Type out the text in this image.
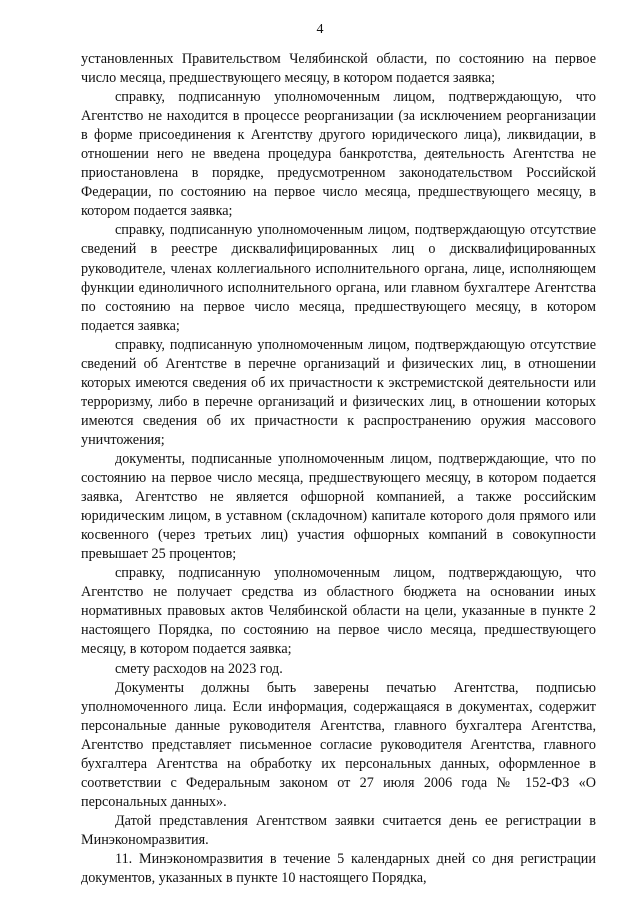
4

установленных Правительством Челябинской области, по состоянию на первое число месяца, предшествующего месяцу, в котором подается заявка;

справку, подписанную уполномоченным лицом, подтверждающую, что Агентство не находится в процессе реорганизации (за исключением реорганизации в форме присоединения к Агентству другого юридического лица), ликвидации, в отношении него не введена процедура банкротства, деятельность Агентства не приостановлена в порядке, предусмотренном законодательством Российской Федерации, по состоянию на первое число месяца, предшествующего месяцу, в котором подается заявка;

справку, подписанную уполномоченным лицом, подтверждающую отсутствие сведений в реестре дисквалифицированных лиц о дисквалифицированных руководителе, членах коллегиального исполнительного органа, лице, исполняющем функции единоличного исполнительного органа, или главном бухгалтере Агентства по состоянию на первое число месяца, предшествующего месяцу, в котором подается заявка;

справку, подписанную уполномоченным лицом, подтверждающую отсутствие сведений об Агентстве в перечне организаций и физических лиц, в отношении которых имеются сведения об их причастности к экстремистской деятельности или терроризму, либо в перечне организаций и физических лиц, в отношении которых имеются сведения об их причастности к распространению оружия массового уничтожения;

документы, подписанные уполномоченным лицом, подтверждающие, что по состоянию на первое число месяца, предшествующего месяцу, в котором подается заявка, Агентство не является офшорной компанией, а также российским юридическим лицом, в уставном (складочном) капитале которого доля прямого или косвенного (через третьих лиц) участия офшорных компаний в совокупности превышает 25 процентов;

справку, подписанную уполномоченным лицом, подтверждающую, что Агентство не получает средства из областного бюджета на основании иных нормативных правовых актов Челябинской области на цели, указанные в пункте 2 настоящего Порядка, по состоянию на первое число месяца, предшествующего месяцу, в котором подается заявка;

смету расходов на 2023 год.

Документы должны быть заверены печатью Агентства, подписью уполномоченного лица. Если информация, содержащаяся в документах, содержит персональные данные руководителя Агентства, главного бухгалтера Агентства, Агентство представляет письменное согласие руководителя Агентства, главного бухгалтера Агентства на обработку их персональных данных, оформленное в соответствии с Федеральным законом от 27 июля 2006 года № 152-ФЗ «О персональных данных».

Датой представления Агентством заявки считается день ее регистрации в Минэкономразвития.

11. Минэкономразвития в течение 5 календарных дней со дня регистрации документов, указанных в пункте 10 настоящего Порядка,
